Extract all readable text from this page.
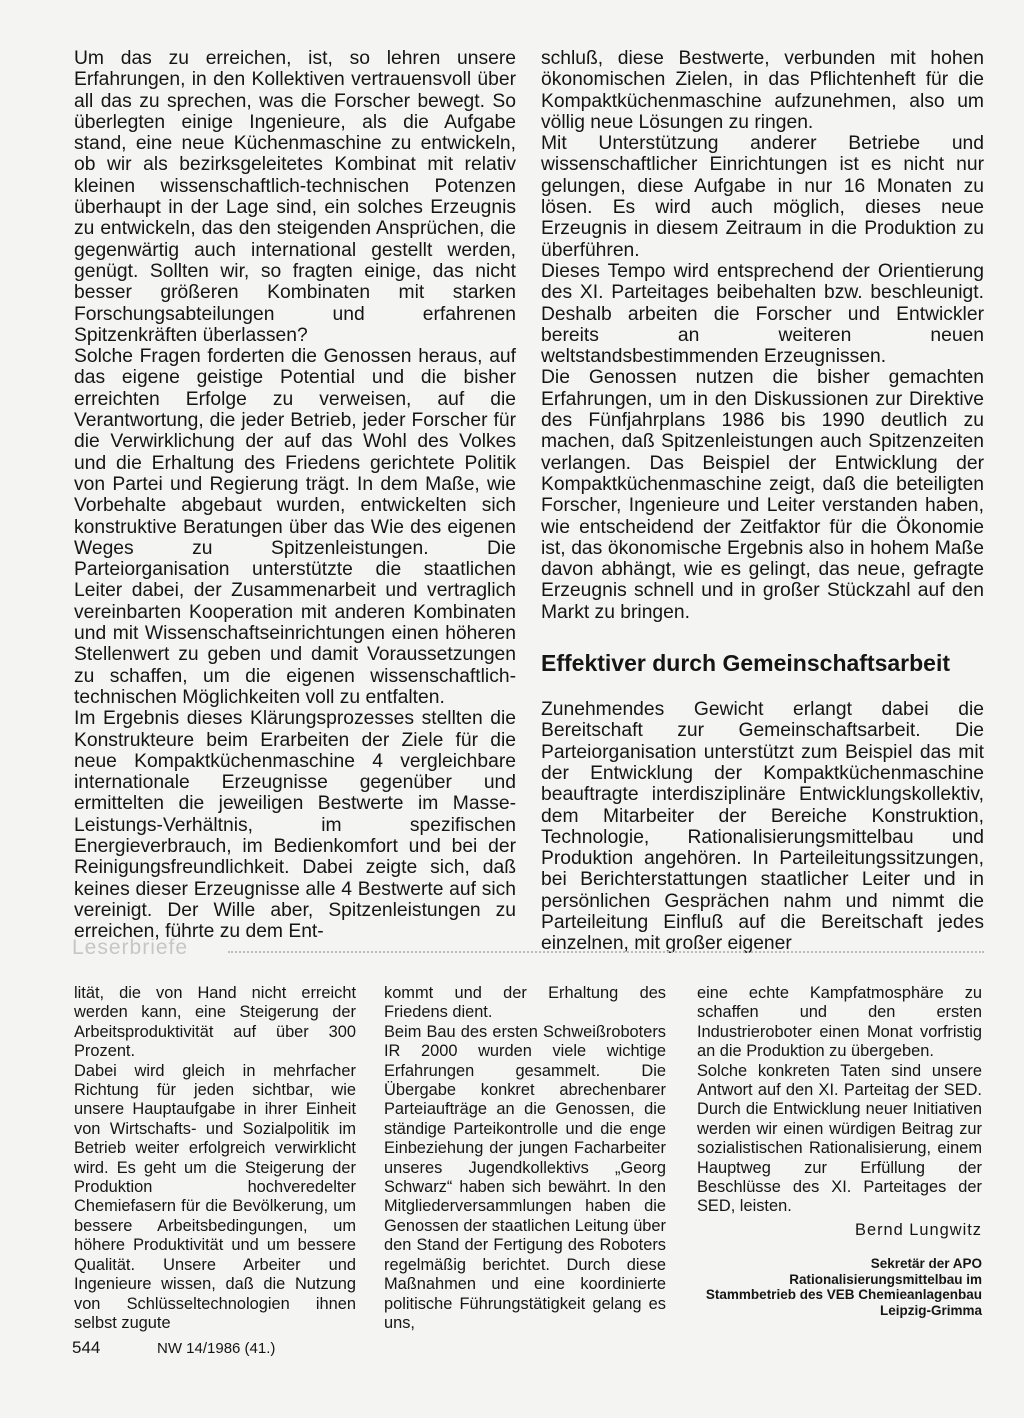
Um das zu erreichen, ist, so lehren unsere Erfahrungen, in den Kollektiven vertrauensvoll über all das zu sprechen, was die Forscher bewegt. So überlegten einige Ingenieure, als die Aufgabe stand, eine neue Küchenmaschine zu entwickeln, ob wir als bezirksgeleitetes Kombinat mit relativ kleinen wissenschaftlich-technischen Potenzen überhaupt in der Lage sind, ein solches Erzeugnis zu entwickeln, das den steigenden Ansprüchen, die gegenwärtig auch international gestellt werden, genügt. Sollten wir, so fragten einige, das nicht besser größeren Kombinaten mit starken Forschungsabteilungen und erfahrenen Spitzenkräften überlassen?

Solche Fragen forderten die Genossen heraus, auf das eigene geistige Potential und die bisher erreichten Erfolge zu verweisen, auf die Verantwortung, die jeder Betrieb, jeder Forscher für die Verwirklichung der auf das Wohl des Volkes und die Erhaltung des Friedens gerichtete Politik von Partei und Regierung trägt. In dem Maße, wie Vorbehalte abgebaut wurden, entwickelten sich konstruktive Beratungen über das Wie des eigenen Weges zu Spitzenleistungen. Die Parteiorganisation unterstützte die staatlichen Leiter dabei, der Zusammenarbeit und vertraglich vereinbarten Kooperation mit anderen Kombinaten und mit Wissenschaftseinrichtungen einen höheren Stellenwert zu geben und damit Voraussetzungen zu schaffen, um die eigenen wissenschaftlich-technischen Möglichkeiten voll zu entfalten.

Im Ergebnis dieses Klärungsprozesses stellten die Konstrukteure beim Erarbeiten der Ziele für die neue Kompaktküchenmaschine 4 vergleichbare internationale Erzeugnisse gegenüber und ermittelten die jeweiligen Bestwerte im Masse-Leistungs-Verhältnis, im spezifischen Energieverbrauch, im Bedienkomfort und bei der Reinigungsfreundlichkeit. Dabei zeigte sich, daß keines dieser Erzeugnisse alle 4 Bestwerte auf sich vereinigt. Der Wille aber, Spitzenleistungen zu erreichen, führte zu dem Ent-

schluß, diese Bestwerte, verbunden mit hohen ökonomischen Zielen, in das Pflichtenheft für die Kompaktküchenmaschine aufzunehmen, also um völlig neue Lösungen zu ringen.

Mit Unterstützung anderer Betriebe und wissenschaftlicher Einrichtungen ist es nicht nur gelungen, diese Aufgabe in nur 16 Monaten zu lösen. Es wird auch möglich, dieses neue Erzeugnis in diesem Zeitraum in die Produktion zu überführen.

Dieses Tempo wird entsprechend der Orientierung des XI. Parteitages beibehalten bzw. beschleunigt. Deshalb arbeiten die Forscher und Entwickler bereits an weiteren neuen weltstandsbestimmenden Erzeugnissen.

Die Genossen nutzen die bisher gemachten Erfahrungen, um in den Diskussionen zur Direktive des Fünfjahrplans 1986 bis 1990 deutlich zu machen, daß Spitzenleistungen auch Spitzenzeiten verlangen. Das Beispiel der Entwicklung der Kompaktküchenmaschine zeigt, daß die beteiligten Forscher, Ingenieure und Leiter verstanden haben, wie entscheidend der Zeitfaktor für die Ökonomie ist, das ökonomische Ergebnis also in hohem Maße davon abhängt, wie es gelingt, das neue, gefragte Erzeugnis schnell und in großer Stückzahl auf den Markt zu bringen.

Effektiver durch Gemeinschaftsarbeit

Zunehmendes Gewicht erlangt dabei die Bereitschaft zur Gemeinschaftsarbeit. Die Parteiorganisation unterstützt zum Beispiel das mit der Entwicklung der Kompaktküchenmaschine beauftragte interdisziplinäre Entwicklungskollektiv, dem Mitarbeiter der Bereiche Konstruktion, Technologie, Rationalisierungsmittelbau und Produktion angehören. In Parteileitungssitzungen, bei Berichterstattungen staatlicher Leiter und in persönlichen Gesprächen nahm und nimmt die Parteileitung Einfluß auf die Bereitschaft jedes einzelnen, mit großer eigener

Leserbriefe

lität, die von Hand nicht erreicht werden kann, eine Steigerung der Arbeitsproduktivität auf über 300 Prozent.

Dabei wird gleich in mehrfacher Richtung für jeden sichtbar, wie unsere Hauptaufgabe in ihrer Einheit von Wirtschafts- und Sozialpolitik im Betrieb weiter erfolgreich verwirklicht wird. Es geht um die Steigerung der Produktion hochveredelter Chemiefasern für die Bevölkerung, um bessere Arbeitsbedingungen, um höhere Produktivität und um bessere Qualität. Unsere Arbeiter und Ingenieure wissen, daß die Nutzung von Schlüsseltechnologien ihnen selbst zugute

kommt und der Erhaltung des Friedens dient.

Beim Bau des ersten Schweißroboters IR 2000 wurden viele wichtige Erfahrungen gesammelt. Die Übergabe konkret abrechenbarer Parteiaufträge an die Genossen, die ständige Parteikontrolle und die enge Einbeziehung der jungen Facharbeiter unseres Jugendkollektivs „Georg Schwarz“ haben sich bewährt. In den Mitgliederversammlungen haben die Genossen der staatlichen Leitung über den Stand der Fertigung des Roboters regelmäßig berichtet. Durch diese Maßnahmen und eine koordinierte politische Führungstätigkeit gelang es uns,

eine echte Kampfatmosphäre zu schaffen und den ersten Industrieroboter einen Monat vorfristig an die Produktion zu übergeben.

Solche konkreten Taten sind unsere Antwort auf den XI. Parteitag der SED. Durch die Entwicklung neuer Initiativen werden wir einen würdigen Beitrag zur sozialistischen Rationalisierung, einem Hauptweg zur Erfüllung der Beschlüsse des XI. Parteitages der SED, leisten.

Bernd Lungwitz

Sekretär der APO
Rationalisierungsmittelbau im
Stammbetrieb des VEB Chemieanlagenbau
Leipzig-Grimma

544	NW 14/1986 (41.)
